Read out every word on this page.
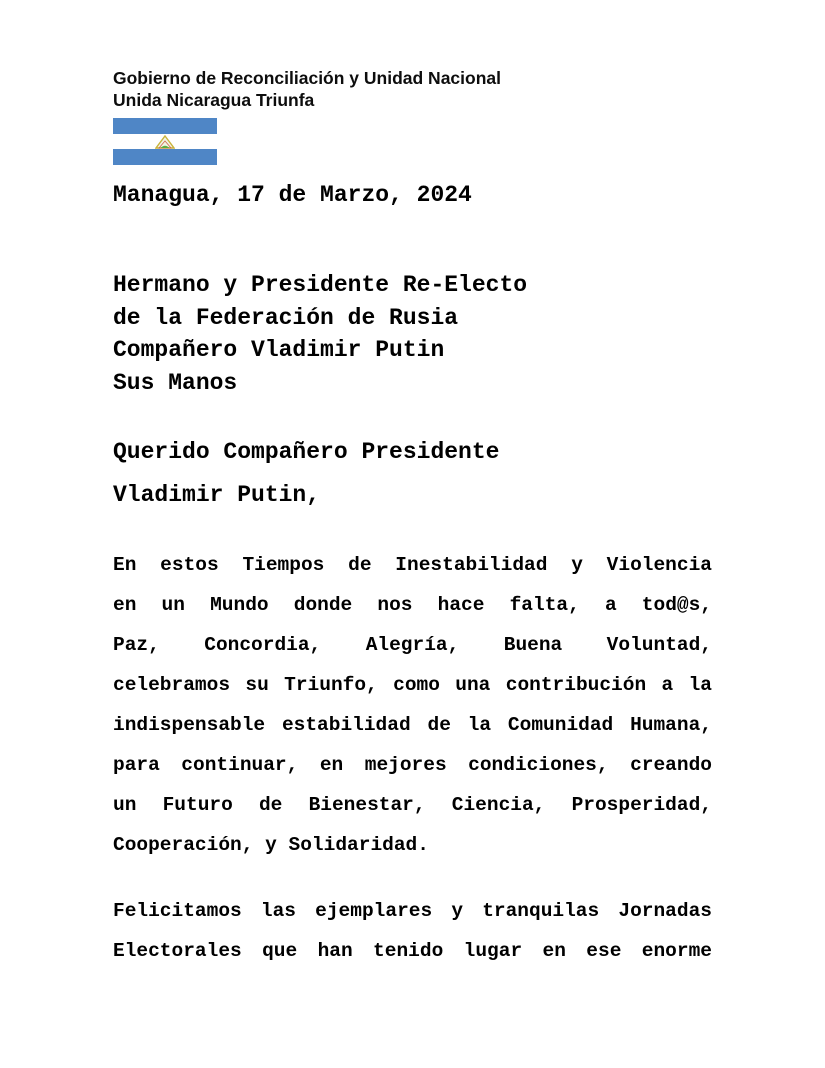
Gobierno de Reconciliación y Unidad Nacional
Unida Nicaragua Triunfa
Managua, 17 de Marzo, 2024
Hermano y Presidente Re-Electo
de la Federación de Rusia
Compañero Vladimir Putin
Sus Manos
Querido Compañero Presidente
Vladimir Putin,
En estos Tiempos de Inestabilidad y Violencia
en un Mundo donde nos hace falta, a tod@s,
Paz, Concordia, Alegría, Buena Voluntad,
celebramos su Triunfo, como una contribución a la
indispensable estabilidad de la Comunidad Humana,
para continuar, en mejores condiciones, creando
un Futuro de Bienestar, Ciencia, Prosperidad,
Cooperación, y Solidaridad.
Felicitamos las ejemplares y tranquilas Jornadas
Electorales que han tenido lugar en ese enorme
